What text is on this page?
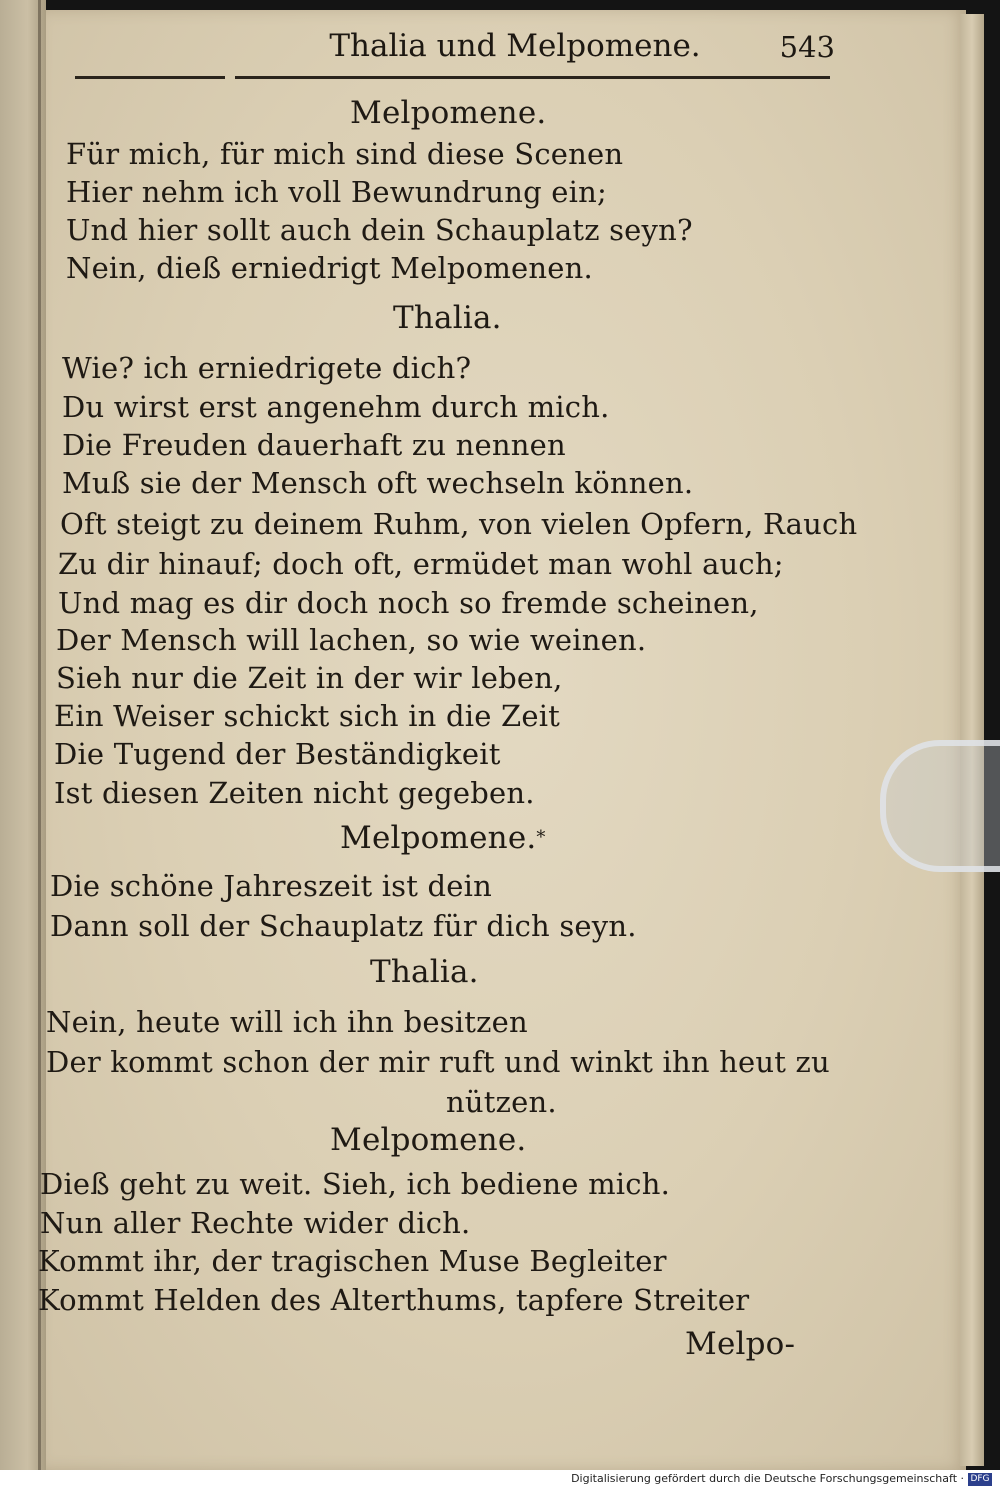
Thalia und Melpomene.	543
Melpomene.
Für mich, für mich sind diese Scenen
Hier nehm ich voll Bewundrung ein;
Und hier sollt auch dein Schauplatz seyn?
Nein, dieß erniedrigt Melpomenen.
Thalia.
Wie? ich erniedrigete dich?
Du wirst erst angenehm durch mich.
Die Freuden dauerhaft zu nennen
Muß sie der Mensch oft wechseln können.
Oft steigt zu deinem Ruhm, von vielen Opfern, Rauch
Zu dir hinauf; doch oft, ermüdet man wohl auch;
Und mag es dir doch noch so fremde scheinen,
Der Mensch will lachen, so wie weinen.
Sieh nur die Zeit in der wir leben,
Ein Weiser schickt sich in die Zeit
Die Tugend der Beständigkeit
Ist diesen Zeiten nicht gegeben.
Melpomene.*
Die schöne Jahreszeit ist dein
Dann soll der Schauplatz für dich seyn.
Thalia.
Nein, heute will ich ihn besitzen
Der kommt schon der mir ruft und winkt ihn heut zu
nützen.
Melpomene.
Dieß geht zu weit. Sieh, ich bediene mich.
Nun aller Rechte wider dich.
Kommt ihr, der tragischen Muse Begleiter
Kommt Helden des Alterthums, tapfere Streiter
Melpo-
Digitalisierung gefördert durch die Deutsche Forschungsgemeinschaft · DFG
